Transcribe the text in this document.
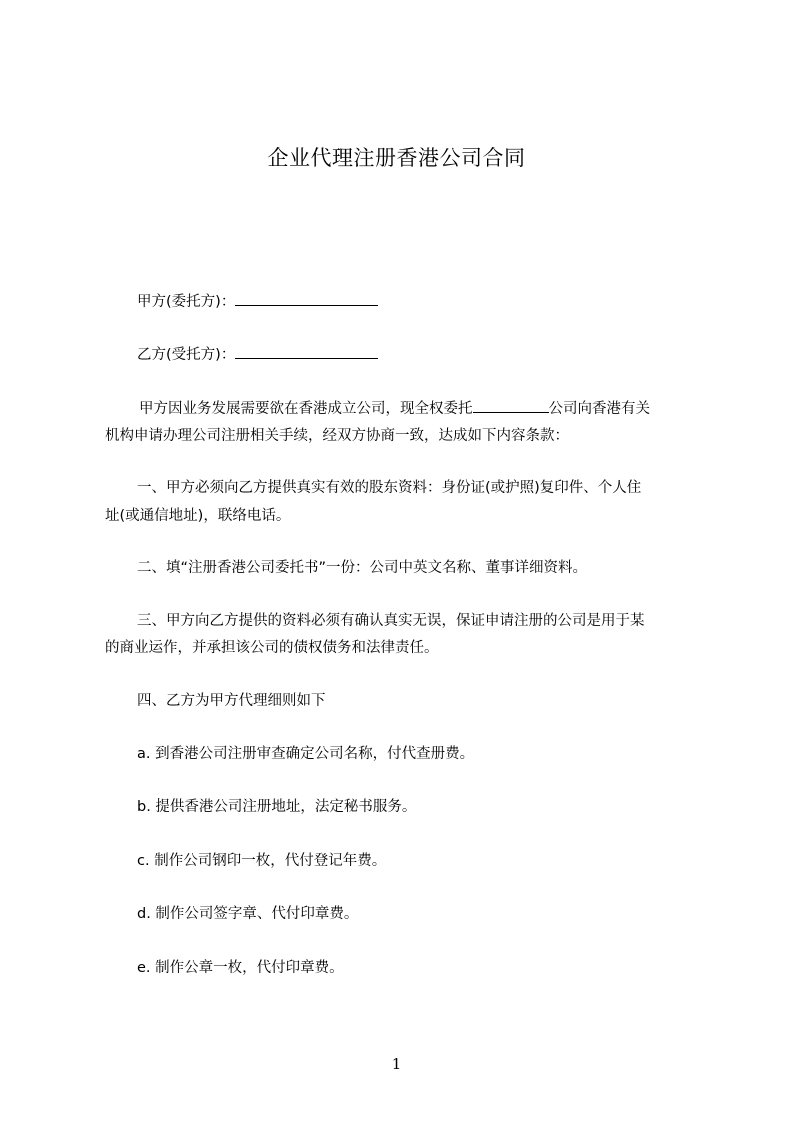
企业代理注册香港公司合同
甲方(委托方)：
乙方(受托方)：
甲方因业务发展需要欲在香港成立公司，现全权委托	公司向香港有关
机构申请办理公司注册相关手续，经双方协商一致，达成如下内容条款：
一、甲方必须向乙方提供真实有效的股东资料：身份证(或护照)复印件、个人住
址(或通信地址)，联络电话。
二、填“注册香港公司委托书”一份：公司中英文名称、董事详细资料。
三、甲方向乙方提供的资料必须有确认真实无误，保证申请注册的公司是用于某
的商业运作，并承担该公司的债权债务和法律责任。
四、乙方为甲方代理细则如下
a. 到香港公司注册审查确定公司名称，付代查册费。
b. 提供香港公司注册地址，法定秘书服务。
c. 制作公司钢印一枚，代付登记年费。
d. 制作公司签字章、代付印章费。
e. 制作公章一枚，代付印章费。
1
